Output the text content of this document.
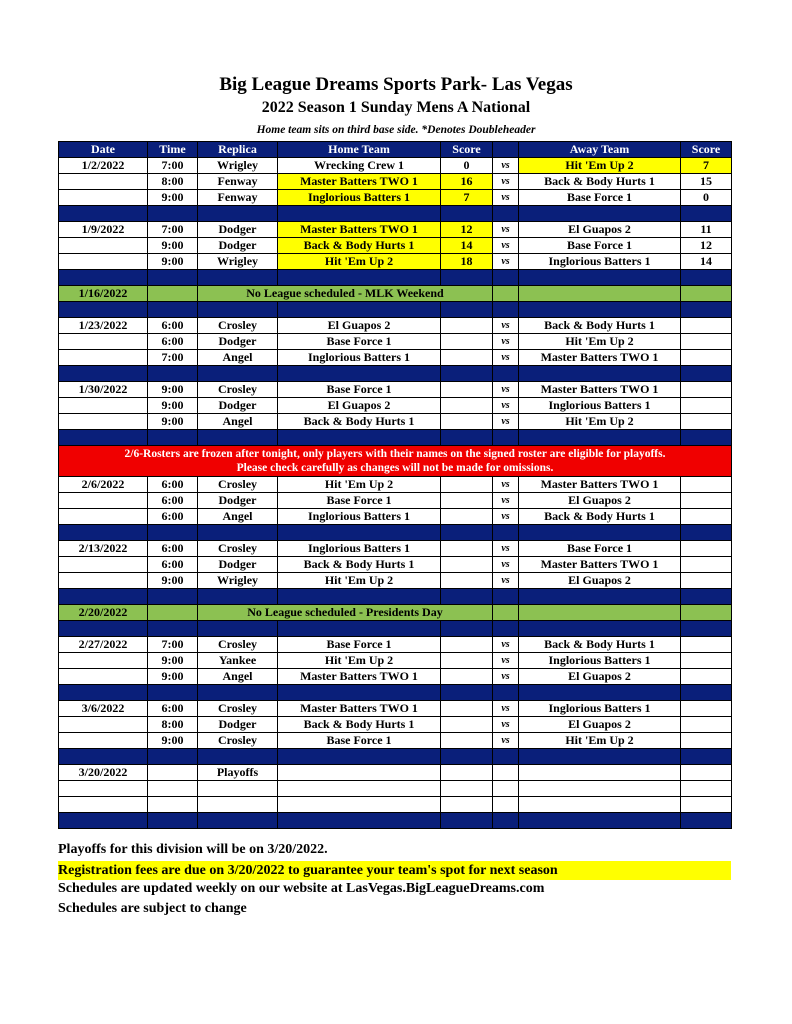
Big League Dreams Sports Park- Las Vegas
2022 Season 1 Sunday Mens A National
Home team sits on third base side. *Denotes Doubleheader
Date	Time	Replica	Home Team	Score		Away Team	Score
1/2/2022	7:00	Wrigley	Wrecking Crew 1	0	vs	Hit 'Em Up 2	7
	8:00	Fenway	Master Batters TWO 1	16	vs	Back & Body Hurts 1	15
	9:00	Fenway	Inglorious Batters 1	7	vs	Base Force 1	0

1/9/2022	7:00	Dodger	Master Batters TWO 1	12	vs	El Guapos 2	11
	9:00	Dodger	Back & Body Hurts 1	14	vs	Base Force 1	12
	9:00	Wrigley	Hit 'Em Up 2	18	vs	Inglorious Batters 1	14

1/16/2022		No League scheduled - MLK Weekend					

1/23/2022	6:00	Crosley	El Guapos 2		vs	Back & Body Hurts 1	
	6:00	Dodger	Base Force 1		vs	Hit 'Em Up 2	
	7:00	Angel	Inglorious Batters 1		vs	Master Batters TWO 1	

1/30/2022	9:00	Crosley	Base Force 1		vs	Master Batters TWO 1	
	9:00	Dodger	El Guapos 2		vs	Inglorious Batters 1	
	9:00	Angel	Back & Body Hurts 1		vs	Hit 'Em Up 2	

2/6-Rosters are frozen after tonight, only players with their names on the signed roster are eligible for playoffs.
Please check carefully as changes will not be made for omissions.							

2/6/2022	6:00	Crosley	Hit 'Em Up 2		vs	Master Batters TWO 1	
	6:00	Dodger	Base Force 1		vs	El Guapos 2	
	6:00	Angel	Inglorious Batters 1		vs	Back & Body Hurts 1	

2/13/2022	6:00	Crosley	Inglorious Batters 1		vs	Base Force 1	
	6:00	Dodger	Back & Body Hurts 1		vs	Master Batters TWO 1	
	9:00	Wrigley	Hit 'Em Up 2		vs	El Guapos 2	

2/20/2022		No League scheduled - Presidents Day					

2/27/2022	7:00	Crosley	Base Force 1		vs	Back & Body Hurts 1	
	9:00	Yankee	Hit 'Em Up 2		vs	Inglorious Batters 1	
	9:00	Angel	Master Batters TWO 1		vs	El Guapos 2	

3/6/2022	6:00	Crosley	Master Batters TWO 1		vs	Inglorious Batters 1	
	8:00	Dodger	Back & Body Hurts 1		vs	El Guapos 2	
	9:00	Crosley	Base Force 1		vs	Hit 'Em Up 2	

3/20/2022		Playoffs					

Playoffs for this division will be on 3/20/2022.
Registration fees are due on 3/20/2022 to guarantee your team's spot for next season
Schedules are updated weekly on our website at LasVegas.BigLeagueDreams.com
Schedules are subject to change
